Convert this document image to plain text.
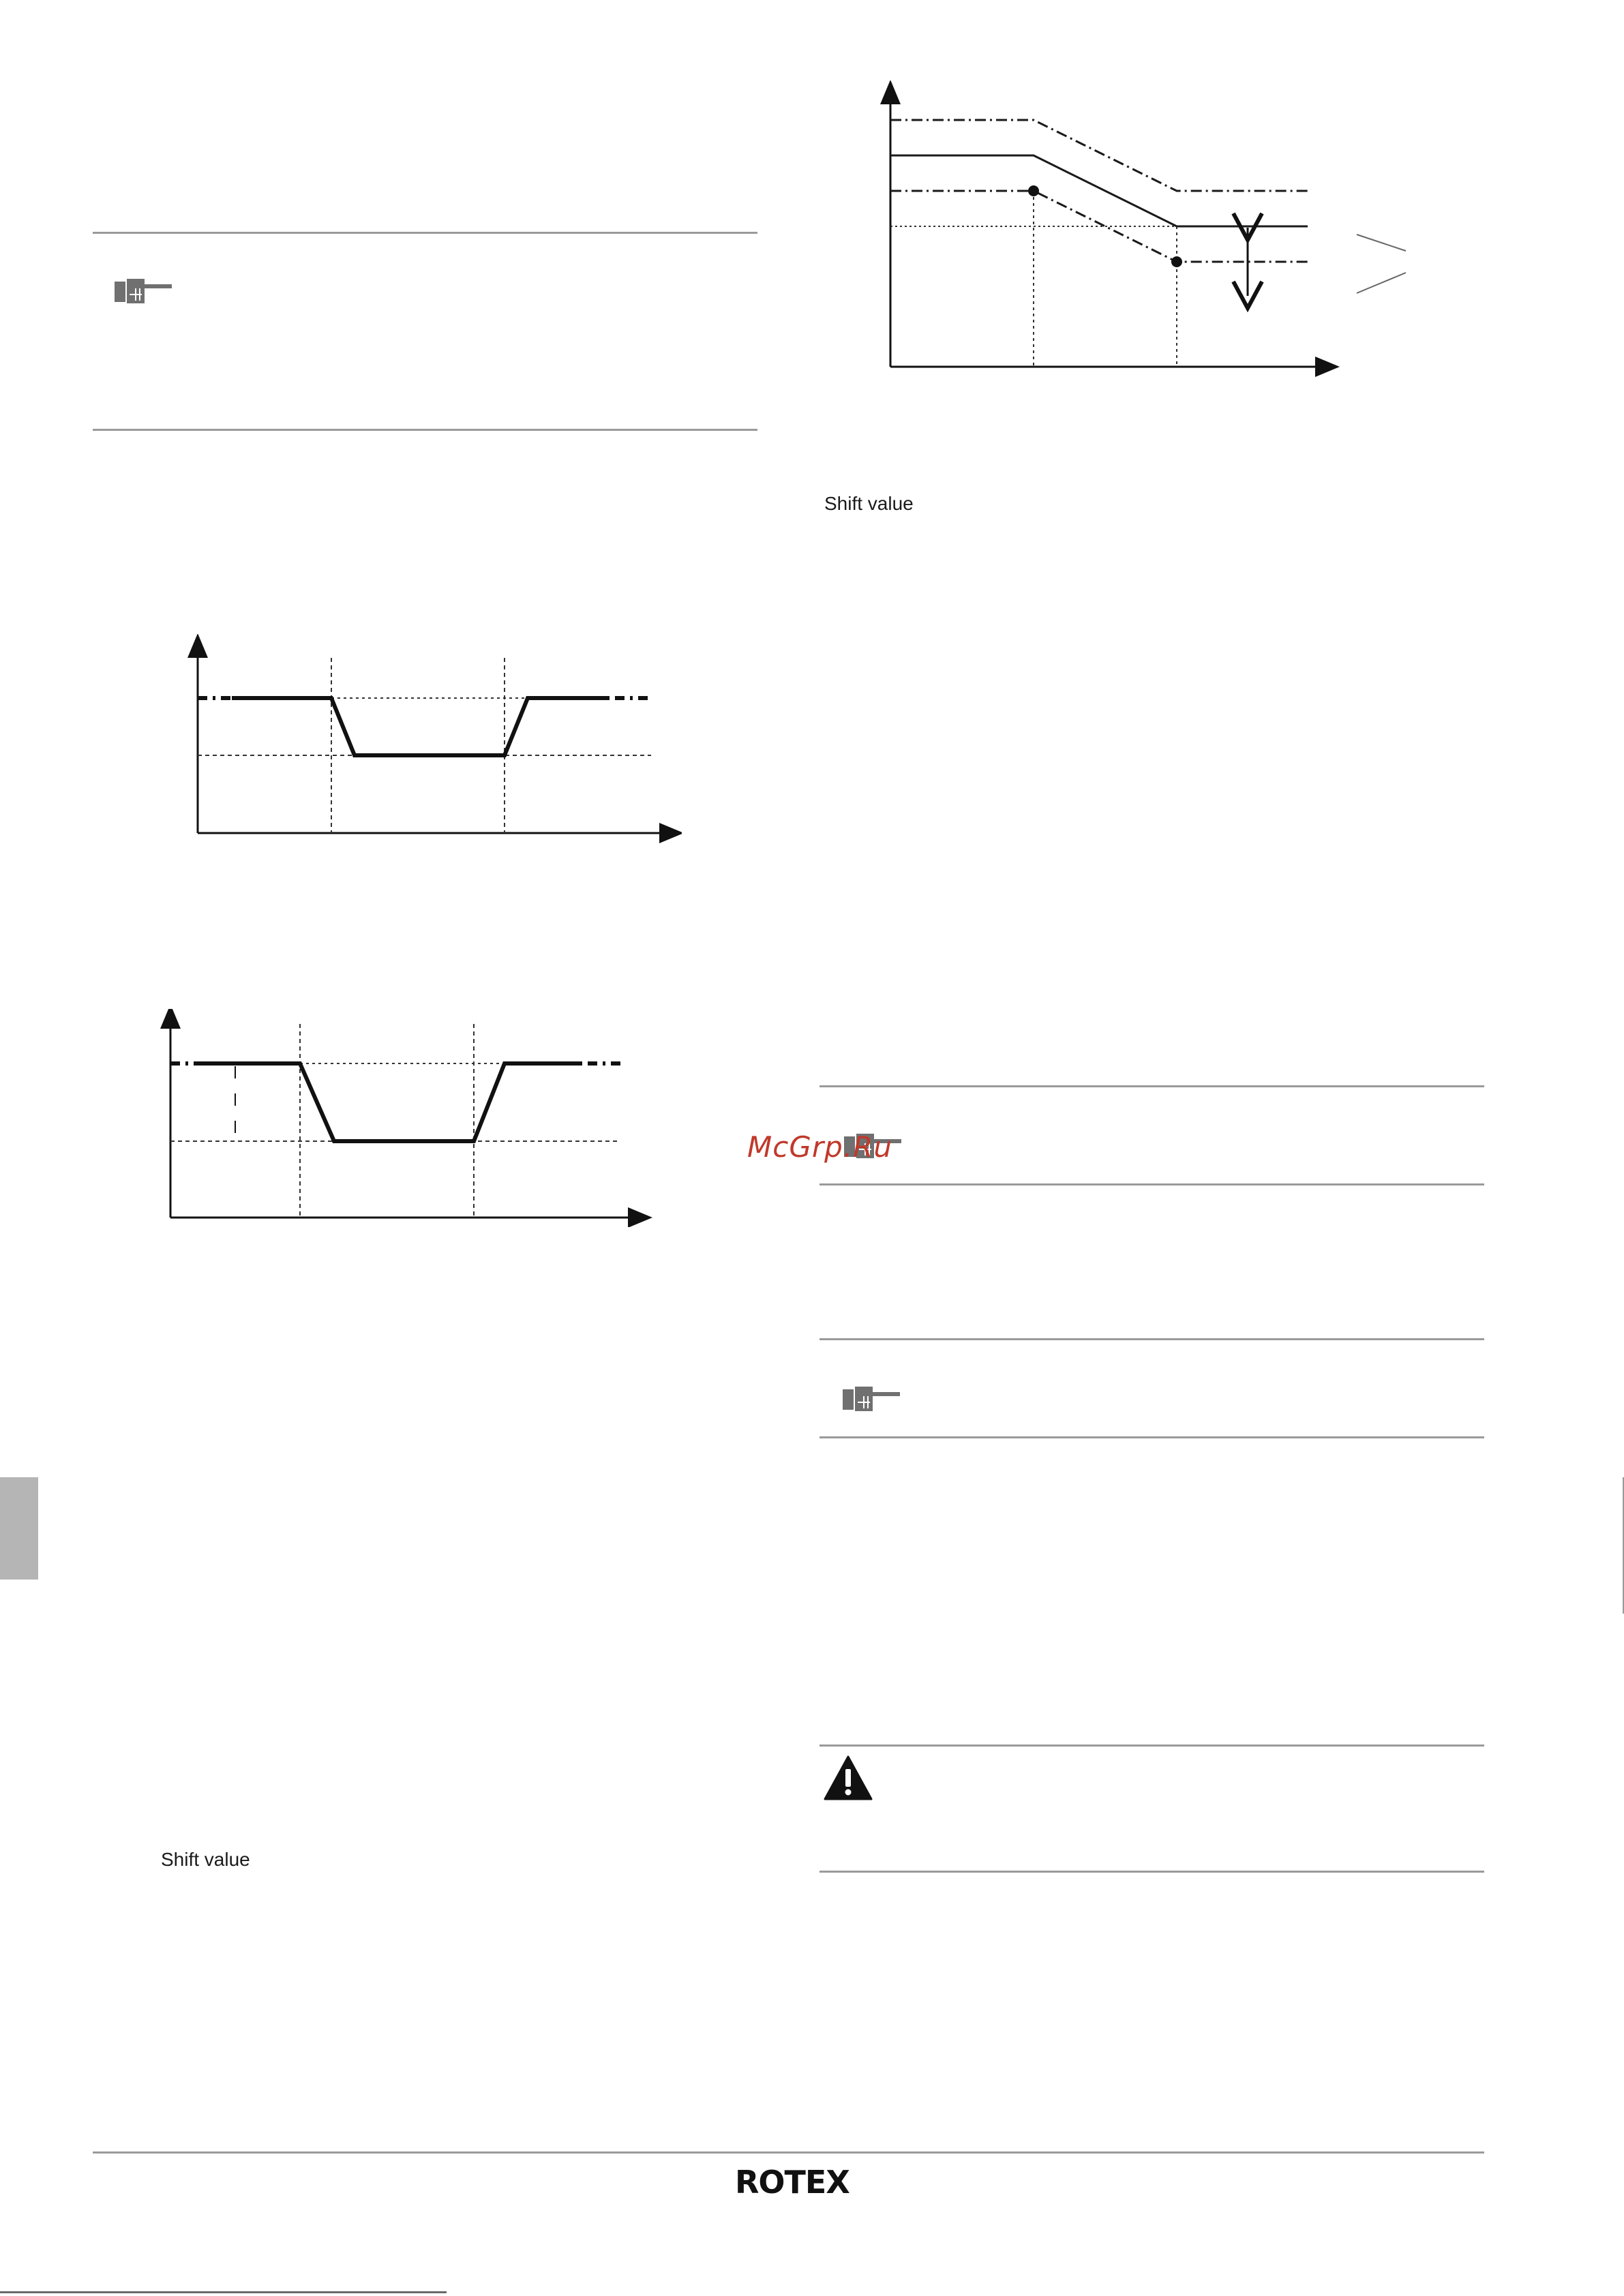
Shift value
Shift value
McGrp.Ru
ROTEX
